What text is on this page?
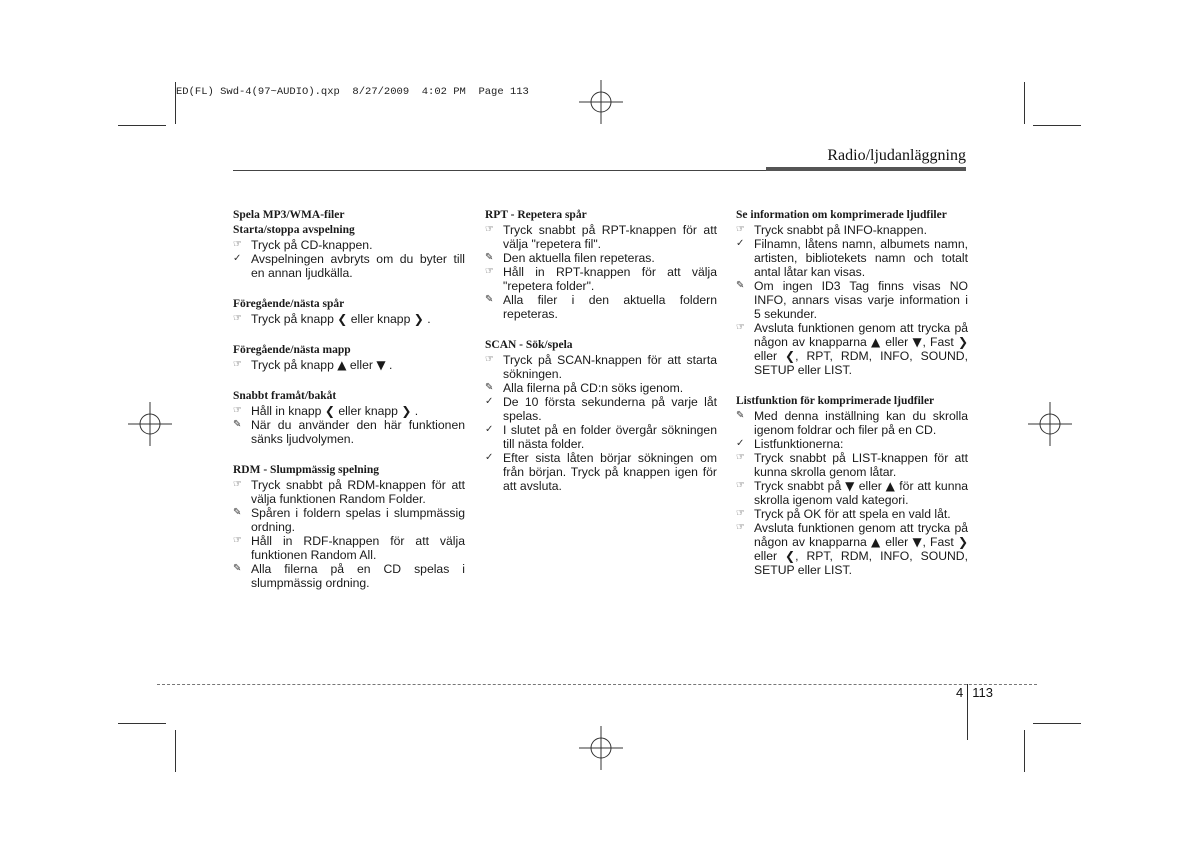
ED(FL) Swd-4(97~AUDIO).qxp  8/27/2009  4:02 PM  Page 113
Radio/ljudanläggning

Spela MP3/WMA-filer

Starta/stoppa avspelning

☞ Tryck på CD-knappen.

✓ Avspelningen avbryts om du byter till en annan ljudkälla.

Föregående/nästa spår

☞ Tryck på knapp ❮ eller knapp ❯ .

Föregående/nästa mapp

☞ Tryck på knapp ▲ eller ▼ .

Snabbt framåt/bakåt

☞ Håll in knapp ❮ eller knapp ❯ .

✎ När du använder den här funktionen sänks ljudvolymen.

RDM - Slumpmässig spelning

☞ Tryck snabbt på RDM-knappen för att välja funktionen Random Folder.

✎ Spåren i foldern spelas i slumpmässig ordning.

☞ Håll in RDF-knappen för att välja funktionen Random All.

✎ Alla filerna på en CD spelas i slumpmässig ordning.

RPT - Repetera spår

☞ Tryck snabbt på RPT-knappen för att välja "repetera fil".

✎ Den aktuella filen repeteras.

☞ Håll in RPT-knappen för att välja "repetera folder".

✎ Alla filer i den aktuella foldern repeteras.

SCAN - Sök/spela

☞ Tryck på SCAN-knappen för att starta sökningen.

✎ Alla filerna på CD:n söks igenom.

✓ De 10 första sekunderna på varje låt spelas.

✓ I slutet på en folder övergår sökningen till nästa folder.

✓ Efter sista låten börjar sökningen om från början. Tryck på knappen igen för att avsluta.

Se information om komprimerade ljudfiler

☞ Tryck snabbt på INFO-knappen.

✓ Filnamn, låtens namn, albumets namn, artisten, bibliotekets namn och totalt antal låtar kan visas.

✎ Om ingen ID3 Tag finns visas NO INFO, annars visas varje information i 5 sekunder.

☞ Avsluta funktionen genom att trycka på någon av knapparna ▲ eller ▼, Fast ❯ eller ❮, RPT, RDM, INFO, SOUND, SETUP eller LIST.

Listfunktion för komprimerade ljudfiler

✎ Med denna inställning kan du skrolla igenom foldrar och filer på en CD.

✓ Listfunktionerna:

☞ Tryck snabbt på LIST-knappen för att kunna skrolla genom låtar.

☞ Tryck snabbt på ▼ eller ▲ för att kunna skrolla igenom vald kategori.

☞ Tryck på OK för att spela en vald låt.

☞ Avsluta funktionen genom att trycka på någon av knapparna ▲ eller ▼, Fast ❯ eller ❮, RPT, RDM, INFO, SOUND, SETUP eller LIST.

4 113
